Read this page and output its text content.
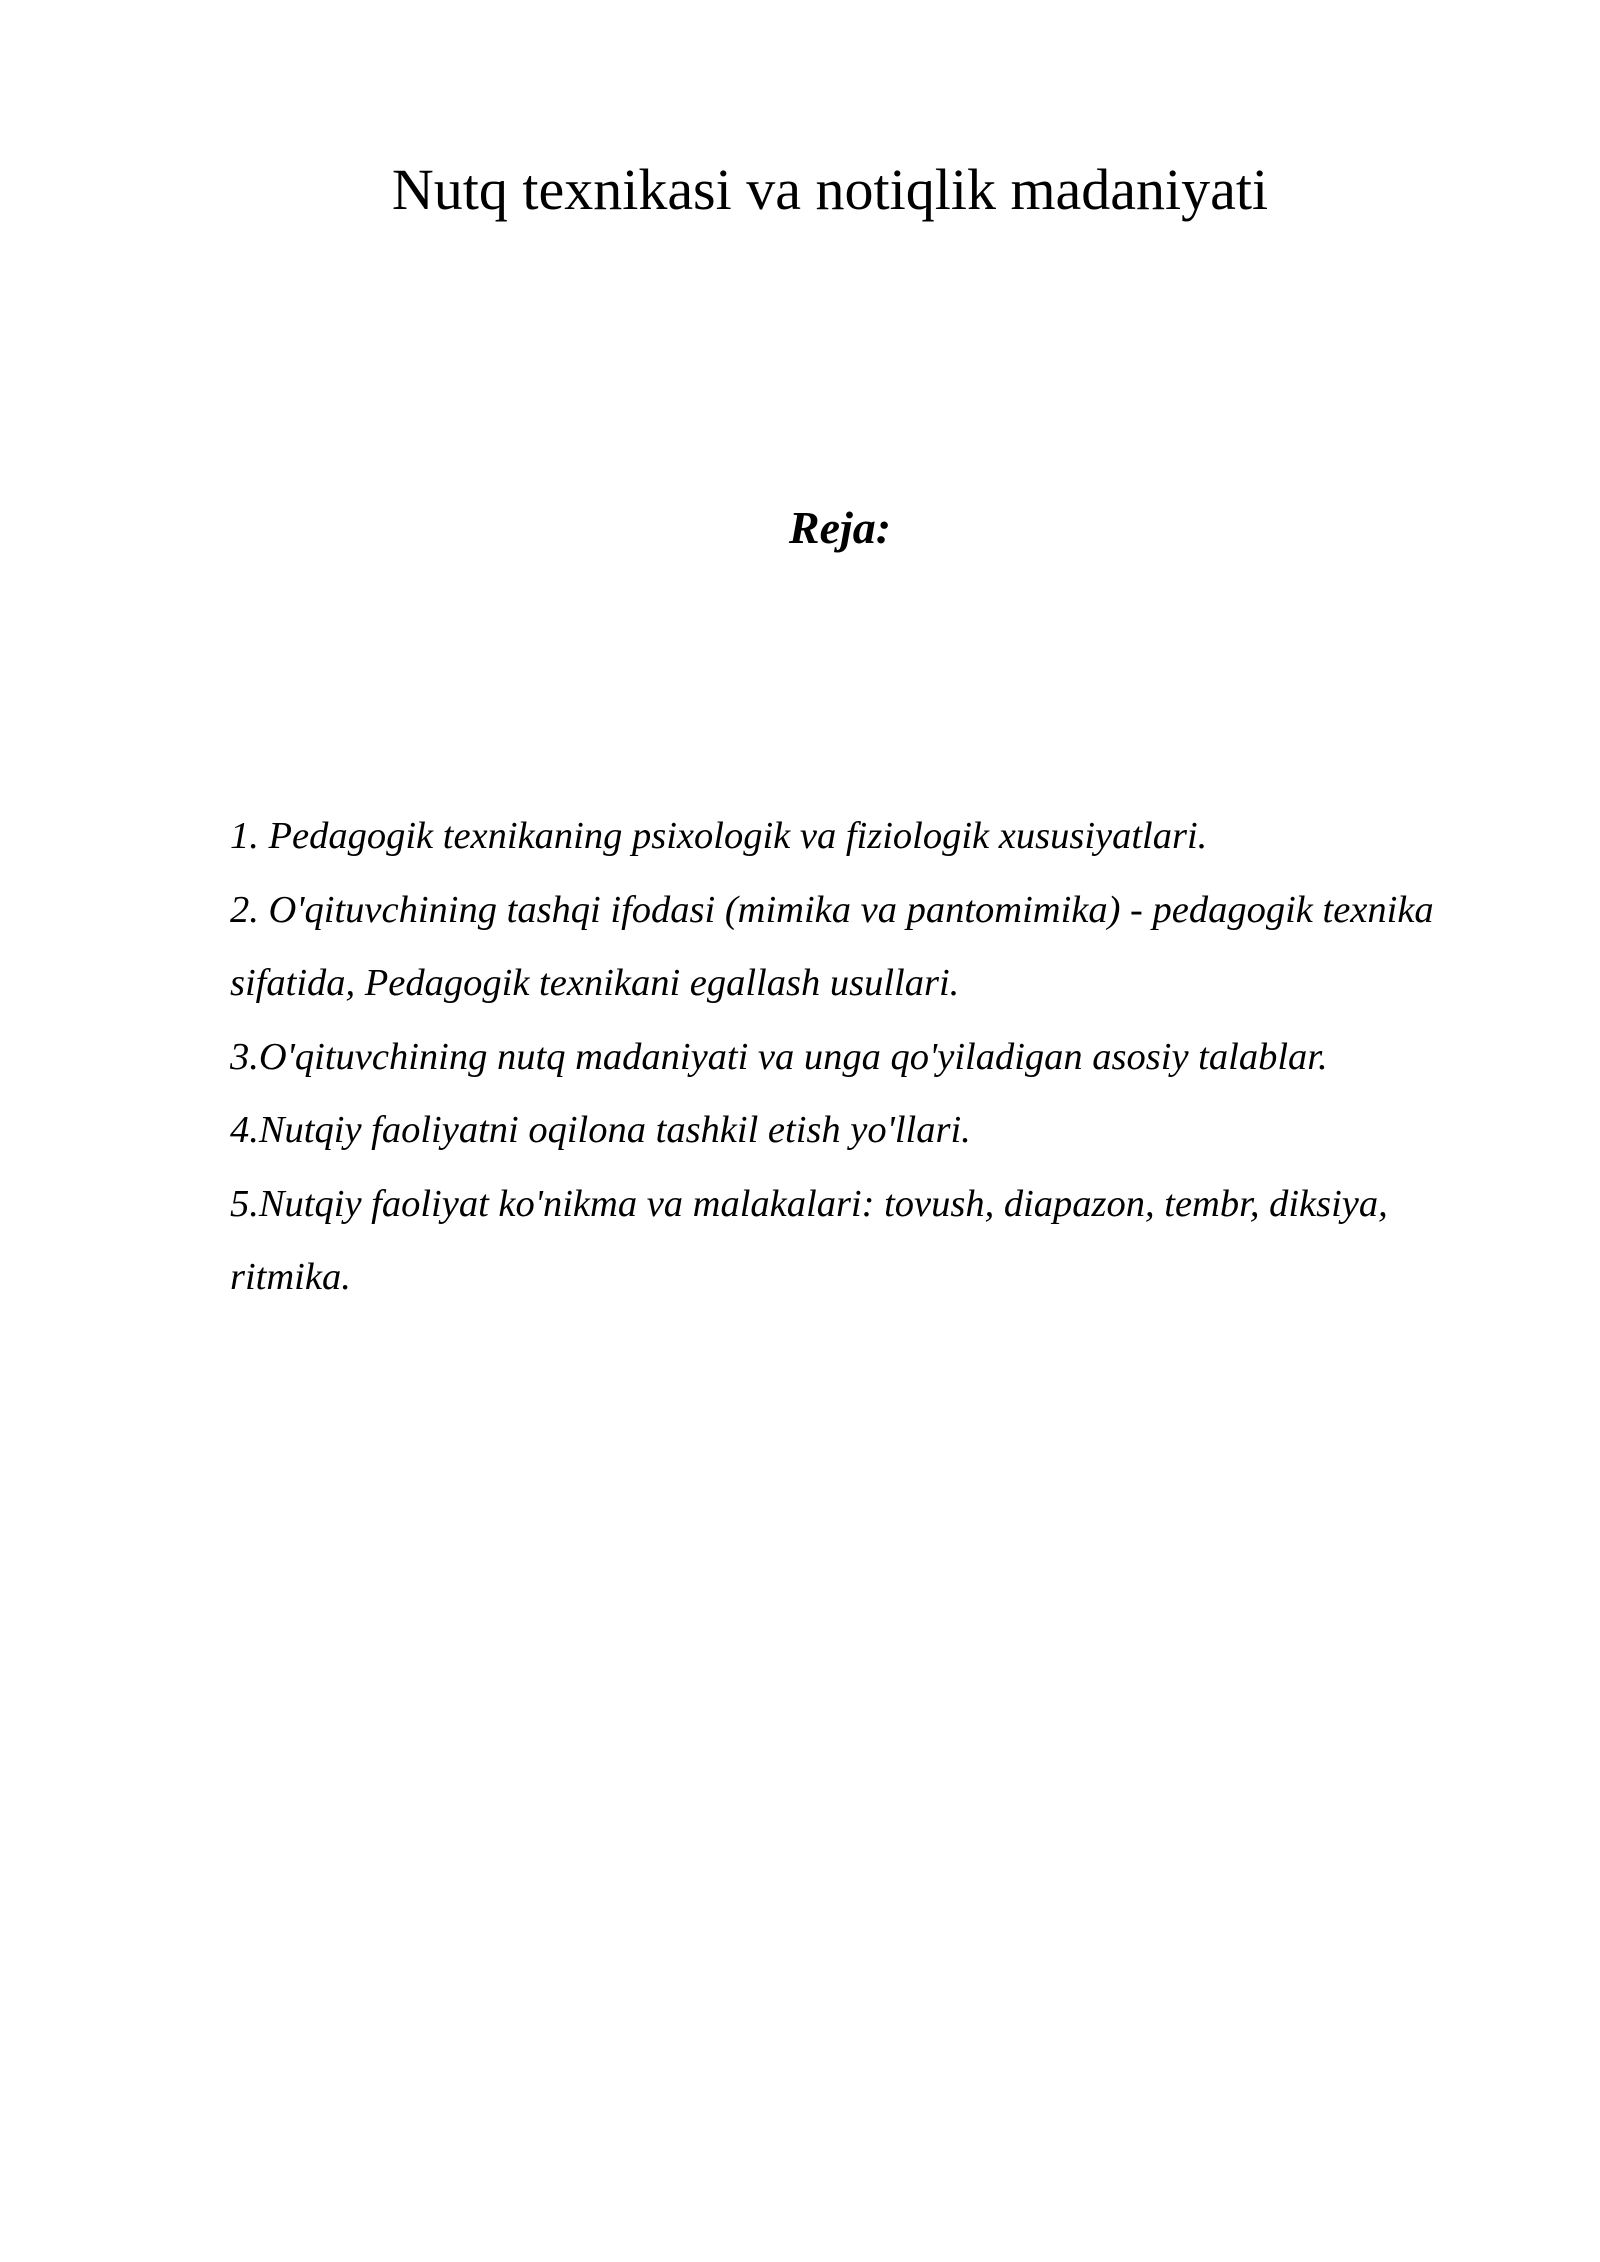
Nutq texnikasi va notiqlik madaniyati
Reja:
1. Pedagogik texnikaning psixologik va fiziologik xususiyatlari.
2. O'qituvchining tashqi ifodasi (mimika va pantomimika) - pedagogik texnika sifatida, Pedagogik texnikani egallash usullari.
3.O'qituvchining nutq madaniyati va unga qo'yiladigan asosiy talablar.
4.Nutqiy faoliyatni oqilona tashkil etish yo'llari.
5.Nutqiy faoliyat ko'nikma va malakalari: tovush, diapazon, tembr, diksiya, ritmika.
